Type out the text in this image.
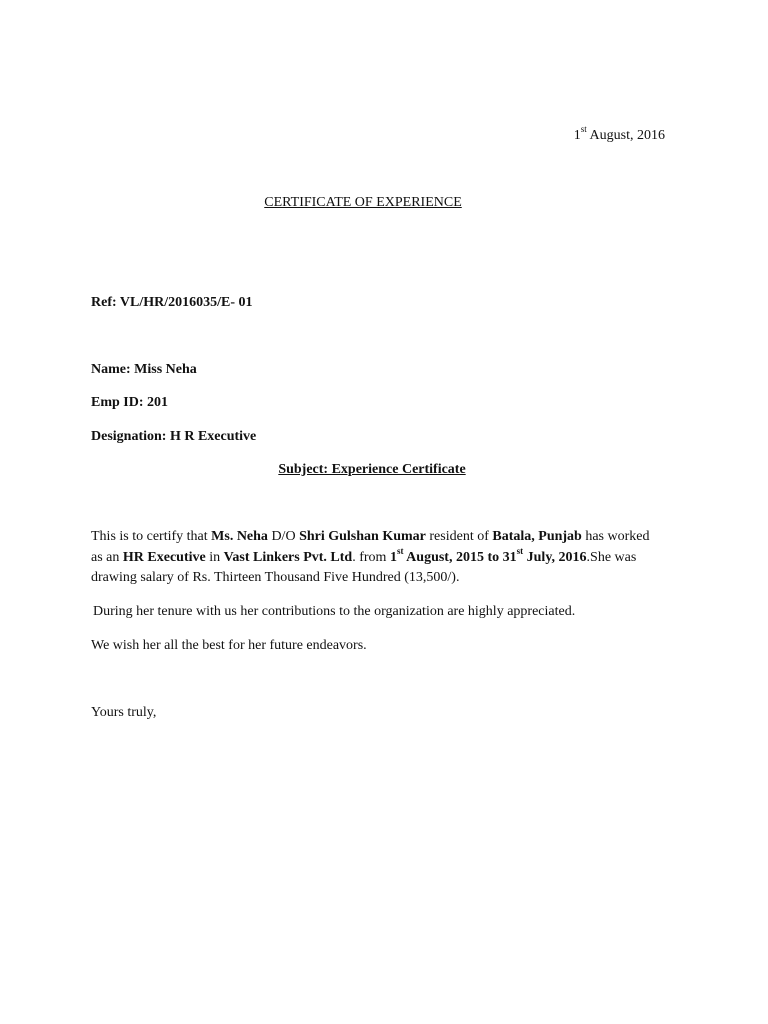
1st August, 2016
CERTIFICATE OF EXPERIENCE
Ref: VL/HR/2016035/E- 01
Name: Miss Neha
Emp ID: 201
Designation: H R Executive
Subject: Experience Certificate
This is to certify that Ms. Neha D/O Shri Gulshan Kumar resident of Batala, Punjab has worked as an HR Executive in Vast Linkers Pvt. Ltd. from 1st August, 2015 to 31st July, 2016.She was drawing salary of Rs. Thirteen Thousand Five Hundred (13,500/).
During her tenure with us her contributions to the organization are highly appreciated.
We wish her all the best for her future endeavors.
Yours truly,
